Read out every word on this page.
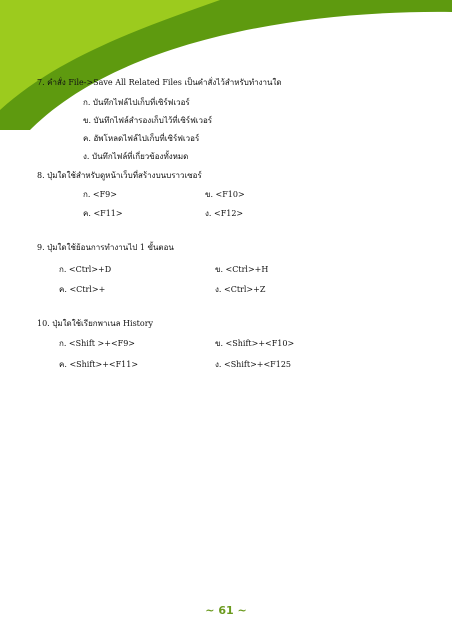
7. คำสั่ง File->Save All Related Files เป็นคำสั่งไว้สำหรับทำงานใด
ก. บันทึกไฟล์ไปเก็บที่เซิร์ฟเวอร์
ข. บันทึกไฟล์สำรองเก็บไว้ที่เซิร์ฟเวอร์
ค. อัพโหลดไฟล์ไปเก็บที่เซิร์ฟเวอร์
ง. บันทึกไฟล์ที่เกี่ยวข้องทั้งหมด
8. ปุ่มใดใช้สำหรับดูหน้าเว็บที่สร้างบนบราวเซอร์
ก. <F9>	ข. <F10>
ค. <F11>	ง. <F12>
9. ปุ่มใดใช้ย้อนการทำงานไป 1 ขั้นตอน
ก. <Ctrl>+D	ข. <Ctrl>+H
ค. <Ctrl>+	ง. <Ctrl>+Z
10. ปุ่มใดใช้เรียกพาเนล History
ก. <Shift >+<F9>	ข. <Shift>+<F10>
ค. <Shift>+<F11>	ง. <Shift>+<F125
~ 61 ~
